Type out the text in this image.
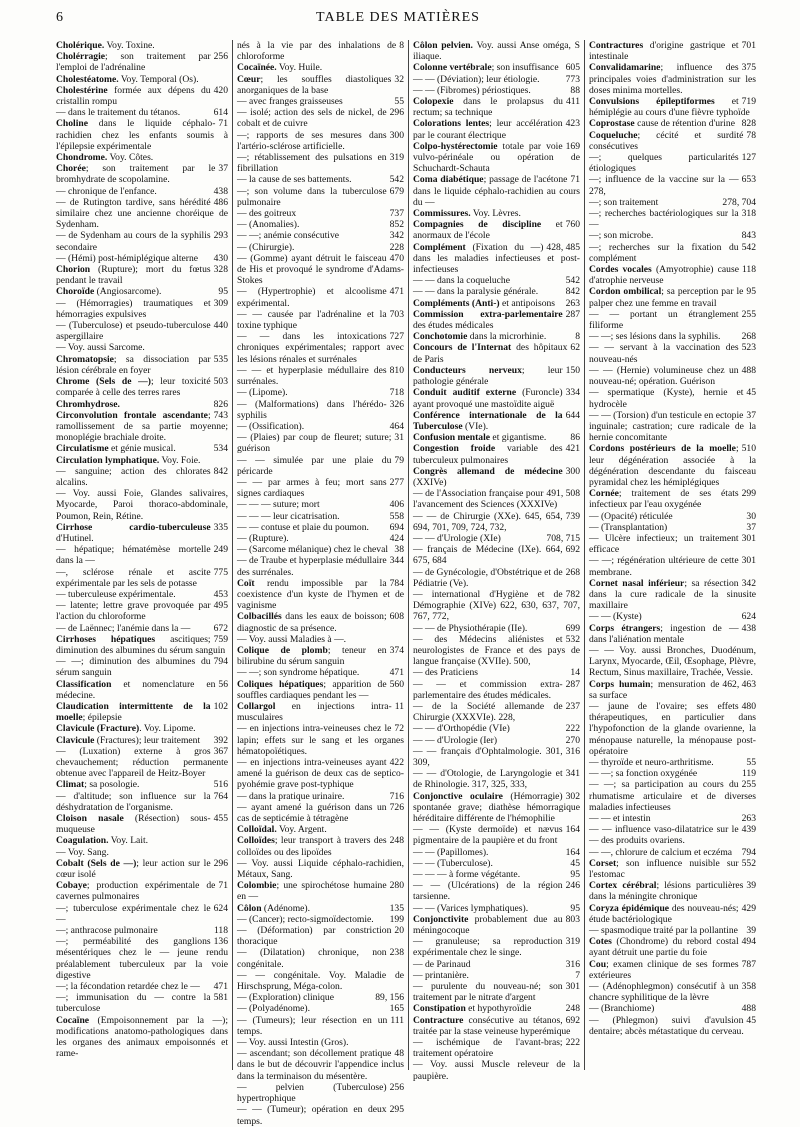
6	TABLE DES MATIÈRES

Cholérique. Voy. Toxine.

256
Cholérragie; son traitement par l'emploi de l'adrénaline

Cholestéatome. Voy. Temporal (Os).

420
Cholestérine formée aux dépens du cristallin rompu

614
— dans le traitement du tétanos.

71
Choline dans le liquide céphalo-rachidien chez les enfants soumis à l'épilepsie expérimentale

Chondrome. Voy. Côtes.

37
Chorée; son traitement par le bromhydrate de scopolamine.

438
— chronique de l'enfance.

486
— de Rutington tardive, sans hérédité similaire chez une ancienne choréique de Sydenham.

293
— de Sydenham au cours de la syphilis secondaire

430
— (Hémi) post-hémiplégique alterne

328
Chorion (Rupture); mort du fœtus pendant le travail

95
Choroïde (Angiosarcome).

309
— (Hémorragies) traumatiques et hémorragies expulsives

440
— (Tuberculose) et pseudo-tuberculose aspergillaire

— Voy. aussi Sarcome.

535
Chromatopsie; sa dissociation par lésion cérébrale en foyer

503
Chrome (Sels de —); leur toxicité comparée à celle des terres rares

826
Chromhydrose.

743
Circonvolution frontale ascendante; ramollissement de sa partie moyenne; monoplégie brachiale droite.

534
Circulatisme et génie musical.

Circulation lymphatique. Voy. Foie.

842
— sanguine; action des chlorates alcalins.

— Voy. aussi Foie, Glandes salivaires, Myocarde, Paroi thoraco-abdominale, Poumon, Rein, Rétine.

335
Cirrhose cardio-tuberculeuse d'Hutinel.

249
— hépatique; hématémèse mortelle dans la —

775
—, sclérose rénale et ascite expérimentale par les sels de potasse

453
— tuberculeuse expérimentale.

495
— latente; lettre grave provoquée par l'action du chloroforme

672
— de Laënnec; l'anémie dans la —

759
Cirrhoses hépatiques ascitiques; diminution des albumines du sérum sanguin

794
— —; diminution des albumines du sérum sanguin

56
Classification et nomenclature en médecine.

102
Claudication intermittente de la moelle; épilepsie

Clavicule (Fracture). Voy. Lipome.

392
Clavicule (Fractures); leur traitement

367
— (Luxation) externe à gros chevauchement; réduction permanente obtenue avec l'appareil de Heitz-Boyer

516
Climat; sa posologie.

764
— d'altitude; son influence sur la déshydratation de l'organisme.

455
Cloison nasale (Résection) sous-muqueuse

Coagulation. Voy. Lait.

— Voy. Sang.

296
Cobalt (Sels de —); leur action sur le cœur isolé

71
Cobaye; production expérimentale de cavernes pulmonaires

624
—; tuberculose expérimentale chez le —

118
—; anthracose pulmonaire

136
—; perméabilité des ganglions mésentériques chez le — jeune rendu préalablement tuberculeux par la voie digestive

471
—; la fécondation retardée chez le —

581
—; immunisation du — contre la tuberculose

Cocaïne (Empoisonnement par la —); modifications anatomo-pathologiques dans les organes des animaux empoisonnés et rame-

8
nés à la vie par des inhalations de chloroforme

Cocaïnée. Voy. Huile.

32
Cœur; les souffles diastoliques anorganiques de la base

55
— avec franges graisseuses

296
— isolé; action des sels de nickel, de cobalt et de cuivre

300
—; rapports de ses mesures dans l'artério-sclérose artificielle.

319
—; rétablissement des pulsations en fibrillation

542
— la cause de ses battements.

679
—; son volume dans la tuberculose pulmonaire

737
— des goitreux

852
— (Anomalies).

342
— —; anémie consécutive

228
— (Chirurgie).

470
— (Gomme) ayant détruit le faisceau de His et provoqué le syndrome d'Adams-Stokes

471
— (Hypertrophie) et alcoolisme expérimental.

703
— — causée par l'adrénaline et la toxine typhique

727
— — dans les intoxications chroniques expérimentales; rapport avec les lésions rénales et surrénales

810
— — et hyperplasie médullaire des surrénales.

718
— (Lipome).

326
— (Malformations) dans l'hérédo-syphilis

464
— (Ossification).

31
— (Plaies) par coup de fleuret; suture; guérison

79
— — simulée par une plaie du péricarde

277
— — par armes à feu; mort sans signes cardiaques

406
— — — suture; mort

558
— — — leur cicatrisation.

694
— — contuse et plaie du poumon.

424
— (Rupture).

38
— (Sarcome mélanique) chez le cheval

344
— de Traube et hyperplasie médullaire des surrénales.

784
Coït rendu impossible par la coexistence d'un kyste de l'hymen et de vaginisme

608
Colbacillés dans les eaux de boisson; diagnostic de sa présence.

— Voy. aussi Maladies à —.

374
Colique de plomb; teneur en bilirubine du sérum sanguin

471
— —; son syndrome hépatique.

560
Coliques hépatiques; apparition de souffles cardiaques pendant les —

11
Collargol en injections intra-musculaires

72
— en injections intra-veineuses chez le lapin; effets sur le sang et les organes hématopoïétiques.

422
— en injections intra-veineuses ayant amené la guérison de deux cas de septico-pyohémie grave post-typhique

716
— dans la pratique urinaire.

726
— ayant amené la guérison dans un cas de septicémie à tétragène

Colloïdal. Voy. Argent.

248
Colloïdes; leur transport à travers des colloïdes ou des lipoïdes

— Voy. aussi Liquide céphalo-rachidien, Métaux, Sang.

280
Colombie; une spirochétose humaine en —

135
Côlon (Adénome).

199
— (Cancer); recto-sigmoïdectomie.

20
— (Déformation) par constriction thoracique

238
— (Dilatation) chronique, non congénitale.

— — congénitale. Voy. Maladie de Hirschsprung, Méga-colon.

89, 156
— (Exploration) clinique

165
— (Polyadénome).

111
— (Tumeurs); leur résection en un temps.

— Voy. aussi Intestin (Gros).

48
— ascendant; son décollement pratique dans le but de découvrir l'appendice inclus dans la terminaison du mésentère.

256
— pelvien (Tuberculose) hypertrophique

295
— — (Tumeur); opération en deux temps.

Côlon pelvien. Voy. aussi Anse oméga, S iliaque.

605
Colonne vertébrale; son insuffisance

773
— — (Déviation); leur étiologie.

88
— — (Fibromes) périostiques.

411
Colopexie dans le prolapsus du rectum; sa technique

423
Colorations lentes; leur accélération par le courant électrique

169
Colpo-hystérectomie totale par voie vulvo-périnéale ou opération de Schuchardt-Schauta

71
Coma diabétique; passage de l'acétone dans le liquide céphalo-rachidien au cours du —

Commissures. Voy. Lèvres.

760
Compagnies de discipline et anormaux de l'école

428, 485
Complément (Fixation du —) dans les maladies infectieuses et post-infectieuses

542
— — dans la coqueluche

842
— — dans la paralysie générale.

263
Compléments (Anti-) et antipoisons

287
Commission extra-parlementaire des études médicales

8
Conchotomie dans la microrhinie.

62
Concours de l'Internat des hôpitaux de Paris

150
Conducteurs nerveux; leur pathologie générale

334
Conduit auditif externe (Furoncle) ayant provoqué une mastoïdite aiguë

644
Conférence internationale de la Tuberculose (VIe).

86
Confusion mentale et gigantisme.

421
Congestion froide variable des tuberculeux pulmonaires

300
Congrès allemand de médecine (XXIVe)

491, 508
— de l'Association française pour l'avancement des Sciences (XXXIVe)

739
— — de Chirurgie (XXe). 645, 654, 694, 701, 709, 724, 732,

708, 715
— — d'Urologie (XIe)

692
— français de Médecine (IXe). 664, 675, 684

268
— de Gynécologie, d'Obstétrique et de Pédiatrie (Ve).

782
— international d'Hygiène et de Démographie (XIVe) 622, 630, 637, 707, 767, 772,

699
— — de Physiothérapie (IIe).

532
— des Médecins aliénistes et neurologistes de France et des pays de langue française (XVIIe). 500,

14
— des Praticiens

287
— — et commission extra-parlementaire des études médicales.

237
— de la Société allemande de Chirurgie (XXXVIe). 228,

222
— — d'Orthopédie (VIe)

270
— — d'Urologie (Ier)

316
— — français d'Ophtalmologie. 301, 309,

341
— — d'Otologie, de Laryngologie et de Rhinologie. 317, 325, 333,

302
Conjonctive oculaire (Hémorragie) spontanée grave; diathèse hémorragique héréditaire différente de l'hémophilie

164
— — (Kyste dermoïde) et nævus pigmentaire de la paupière et du front

164
— — (Papillomes).

45
— — (Tuberculose).

95
— — — à forme végétante.

246
— — (Ulcérations) de la région tarsienne.

95
— — (Varices lymphatiques).

803
Conjonctivite probablement due au méningocoque

319
— granuleuse; sa reproduction expérimentale chez le singe.

316
— de Parinaud

7
— printanière.

301
— purulente du nouveau-né; son traitement par le nitrate d'argent

248
Constipation et hypothyroïdie

692
Contracture consécutive au tétanos, traitée par la stase veineuse hyperémique

222
— ischémique de l'avant-bras; traitement opératoire

— Voy. aussi Muscle releveur de la paupière.

701
Contractures d'origine gastrique et intestinale

375
Convalidamarine; influence des principales voies d'administration sur les doses minima mortelles.

719
Convulsions épileptiformes et hémiplégie au cours d'une fièvre typhoïde

828
Coprostase cause de rétention d'urine

78
Coqueluche; cécité et surdité consécutives

127
—; quelques particularités étiologiques

653
—; influence de la vaccine sur la — 278,

278, 704
—; son traitement

318
—; recherches bactériologiques sur la —

843
—; son microbe.

542
—; recherches sur la fixation du complément

118
Cordes vocales (Amyotrophie) cause d'atrophie nerveuse

95
Cordon ombilical; sa perception par le palper chez une femme en travail

255
— — portant un étranglement filiforme

268
— —; ses lésions dans la syphilis.

523
— — servant à la vaccination des nouveau-nés

488
— — (Hernie) volumineuse chez un nouveau-né; opération. Guérison

45
— spermatique (Kyste), hernie et hydrocèle

37
— — (Torsion) d'un testicule en ectopie inguinale; castration; cure radicale de la hernie concomitante

510
Cordons postérieurs de la moelle; leur dégénération associée à la dégénération descendante du faisceau pyramidal chez les hémiplégiques

299
Cornée; traitement de ses états infectieux par l'eau oxygénée

30
— (Opacité) réticulée

37
— (Transplantation)

301
— Ulcère infectieux; un traitement efficace

301
— —; régénération ultérieure de cette membrane.

342
Cornet nasal inférieur; sa résection dans la cure radicale de la sinusite maxillaire

624
— — (Kyste)

438
Corps étrangers; ingestion de — dans l'aliénation mentale

— — Voy. aussi Bronches, Duodénum, Larynx, Myocarde, Œil, Œsophage, Plèvre, Rectum, Sinus maxillaire, Trachée, Vessie.

462, 463
Corps humain; mensuration de sa surface

480
— jaune de l'ovaire; ses effets thérapeutiques, en particulier dans l'hypofonction de la glande ovarienne, la ménopause naturelle, la ménopause post-opératoire

55
— thyroïde et neuro-arthritisme.

119
— —; sa fonction oxygénée

255
— —; sa participation au cours du rhumatisme articulaire et de diverses maladies infectieuses

263
— — et intestin

439
— — influence vaso-dilatatrice sur le — des produits ovariens.

794
— —, chlorure de calcium et eczéma

552
Corset; son influence nuisible sur l'estomac

39
Cortex cérébral; lésions particulières dans la méningite chronique

429
Coryza épidémique des nouveau-nés; étude bactériologique

39
— spasmodique traité par la pollantine

494
Cotes (Chondrome) du rebord costal ayant détruit une partie du foie

787
Cou; examen clinique de ses formes extérieures

358
— (Adénophlegmon) consécutif à un chancre syphilitique de la lèvre

488
— (Branchiome)

45
— (Phlegmon) suivi d'avulsion dentaire; abcès métastatique du cerveau.
